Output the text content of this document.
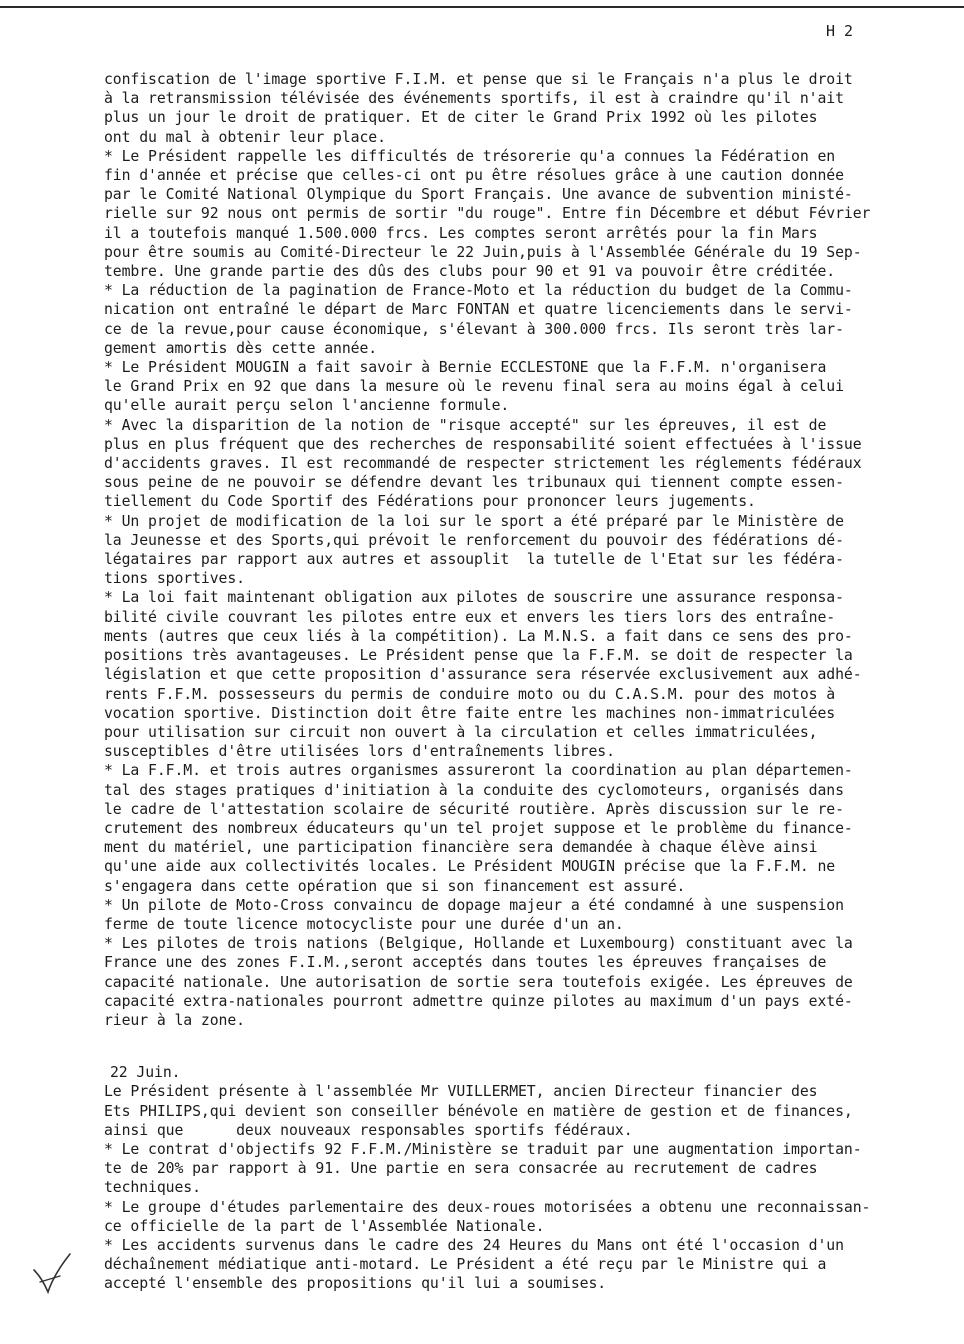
H 2

confiscation de l'image sportive F.I.M. et pense que si le Français n'a plus le droit
à la retransmission télévisée des événements sportifs, il est à craindre qu'il n'ait
plus un jour le droit de pratiquer. Et de citer le Grand Prix 1992 où les pilotes
ont du mal à obtenir leur place.

* Le Président rappelle les difficultés de trésorerie qu'a connues la Fédération en
fin d'année et précise que celles-ci ont pu être résolues grâce à une caution donnée
par le Comité National Olympique du Sport Français. Une avance de subvention ministé-
rielle sur 92 nous ont permis de sortir "du rouge". Entre fin Décembre et début Février
il a toutefois manqué 1.500.000 frcs. Les comptes seront arrêtés pour la fin Mars
pour être soumis au Comité-Directeur le 22 Juin,puis à l'Assemblée Générale du 19 Sep-
tembre. Une grande partie des dûs des clubs pour 90 et 91 va pouvoir être créditée.

* La réduction de la pagination de France-Moto et la réduction du budget de la Commu-
nication ont entraîné le départ de Marc FONTAN et quatre licenciements dans le servi-
ce de la revue,pour cause économique, s'élevant à 300.000 frcs. Ils seront très lar-
gement amortis dès cette année.

* Le Président MOUGIN a fait savoir à Bernie ECCLESTONE que la F.F.M. n'organisera
le Grand Prix en 92 que dans la mesure où le revenu final sera au moins égal à celui
qu'elle aurait perçu selon l'ancienne formule.

* Avec la disparition de la notion de "risque accepté" sur les épreuves, il est de
plus en plus fréquent que des recherches de responsabilité soient effectuées à l'issue
d'accidents graves. Il est recommandé de respecter strictement les réglements fédéraux
sous peine de ne pouvoir se défendre devant les tribunaux qui tiennent compte essen-
tiellement du Code Sportif des Fédérations pour prononcer leurs jugements.

* Un projet de modification de la loi sur le sport a été préparé par le Ministère de
la Jeunesse et des Sports,qui prévoit le renforcement du pouvoir des fédérations dé-
légataires par rapport aux autres et assouplit  la tutelle de l'Etat sur les fédéra-
tions sportives.

* La loi fait maintenant obligation aux pilotes de souscrire une assurance responsa-
bilité civile couvrant les pilotes entre eux et envers les tiers lors des entraîne-
ments (autres que ceux liés à la compétition). La M.N.S. a fait dans ce sens des pro-
positions très avantageuses. Le Président pense que la F.F.M. se doit de respecter la
législation et que cette proposition d'assurance sera réservée exclusivement aux adhé-
rents F.F.M. possesseurs du permis de conduire moto ou du C.A.S.M. pour des motos à
vocation sportive. Distinction doit être faite entre les machines non-immatriculées
pour utilisation sur circuit non ouvert à la circulation et celles immatriculées,
susceptibles d'être utilisées lors d'entraînements libres.

* La F.F.M. et trois autres organismes assureront la coordination au plan départemen-
tal des stages pratiques d'initiation à la conduite des cyclomoteurs, organisés dans
le cadre de l'attestation scolaire de sécurité routière. Après discussion sur le re-
crutement des nombreux éducateurs qu'un tel projet suppose et le problème du finance-
ment du matériel, une participation financière sera demandée à chaque élève ainsi
qu'une aide aux collectivités locales. Le Président MOUGIN précise que la F.F.M. ne
s'engagera dans cette opération que si son financement est assuré.

* Un pilote de Moto-Cross convaincu de dopage majeur a été condamné à une suspension
ferme de toute licence motocycliste pour une durée d'un an.

* Les pilotes de trois nations (Belgique, Hollande et Luxembourg) constituant avec la
France une des zones F.I.M.,seront acceptés dans toutes les épreuves françaises de
capacité nationale. Une autorisation de sortie sera toutefois exigée. Les épreuves de
capacité extra-nationales pourront admettre quinze pilotes au maximum d'un pays exté-
rieur à la zone.

22 Juin.

Le Président présente à l'assemblée Mr VUILLERMET, ancien Directeur financier des
Ets PHILIPS,qui devient son conseiller bénévole en matière de gestion et de finances,
ainsi que      deux nouveaux responsables sportifs fédéraux.

* Le contrat d'objectifs 92 F.F.M./Ministère se traduit par une augmentation importan-
te de 20% par rapport à 91. Une partie en sera consacrée au recrutement de cadres
techniques.

* Le groupe d'études parlementaire des deux-roues motorisées a obtenu une reconnaissan-
ce officielle de la part de l'Assemblée Nationale.

* Les accidents survenus dans le cadre des 24 Heures du Mans ont été l'occasion d'un
déchaînement médiatique anti-motard. Le Président a été reçu par le Ministre qui a
accepté l'ensemble des propositions qu'il lui a soumises.
